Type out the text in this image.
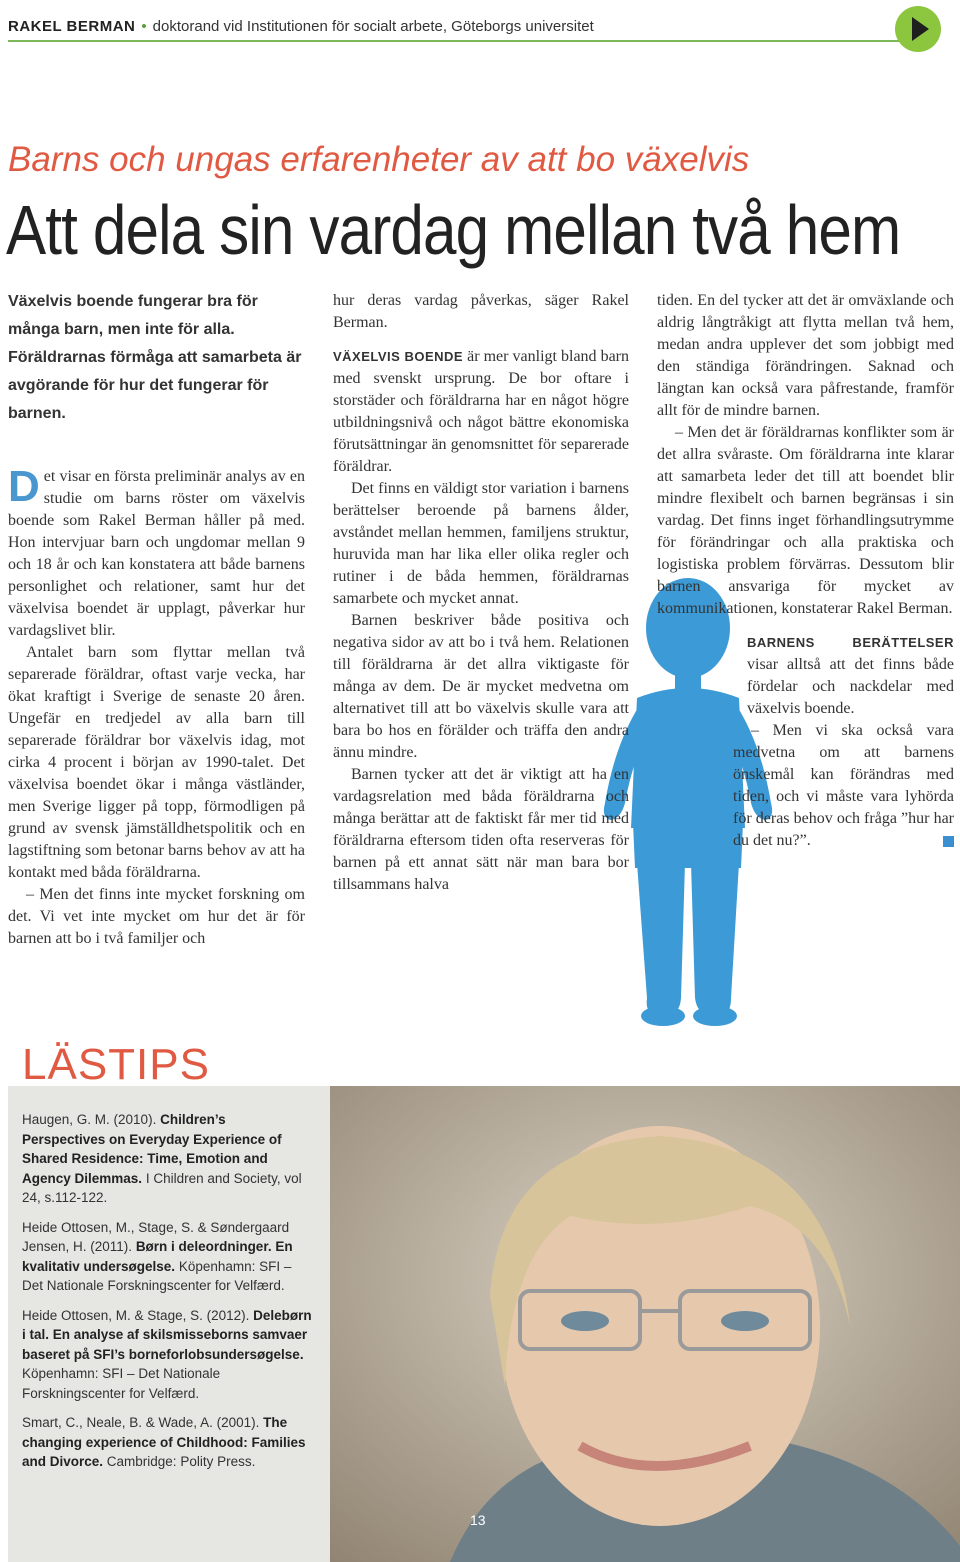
RAKEL BERMAN • doktorand vid Institutionen för socialt arbete, Göteborgs universitet
Barns och ungas erfarenheter av att bo växelvis
Att dela sin vardag mellan två hem
Växelvis boende fungerar bra för många barn, men inte för alla. Föräldrarnas förmåga att samarbeta är avgörande för hur det fungerar för barnen.

Det visar en första preliminär analys av en studie om barns röster om växelvis boende som Rakel Berman håller på med. Hon intervjuar barn och ungdomar mellan 9 och 18 år och kan konstatera att både barnens personlighet och relationer, samt hur det växelvisa boendet är upplagt, påverkar hur vardagslivet blir.

Antalet barn som flyttar mellan två separerade föräldrar, oftast varje vecka, har ökat kraftigt i Sverige de senaste 20 åren. Ungefär en tredjedel av alla barn till separerade föräldrar bor växelvis idag, mot cirka 4 procent i början av 1990-talet. Det växelvisa boendet ökar i många västländer, men Sverige ligger på topp, förmodligen på grund av svensk jämställdhetspolitik och en lagstiftning som betonar barns behov av att ha kontakt med båda föräldrarna.

– Men det finns inte mycket forskning om det. Vi vet inte mycket om hur det är för barnen att bo i två familjer och

hur deras vardag påverkas, säger Rakel Berman.

VÄXELVIS BOENDE är mer vanligt bland barn med svenskt ursprung. De bor oftare i storstäder och föräldrarna har en något högre utbildningsnivå och något bättre ekonomiska förutsättningar än genomsnittet för separerade föräldrar.

Det finns en väldigt stor variation i barnens berättelser beroende på barnens ålder, avståndet mellan hemmen, familjens struktur, huruvida man har lika eller olika regler och rutiner i de båda hemmen, föräldrarnas samarbete och mycket annat.

Barnen beskriver både positiva och negativa sidor av att bo i två hem. Relationen till föräldrarna är det allra viktigaste för många av dem. De är mycket medvetna om alternativet till att bo växelvis skulle vara att bara bo hos en förälder och träffa den andra ännu mindre.

Barnen tycker att det är viktigt att ha en vardagsrelation med båda föräldrarna och många berättar att de faktiskt får mer tid med föräldrarna eftersom tiden ofta reserveras för barnen på ett annat sätt när man bara bor tillsammans halva

tiden. En del tycker att det är omväxlande och aldrig långtråkigt att flytta mellan två hem, medan andra upplever det som jobbigt med den ständiga förändringen. Saknad och längtan kan också vara påfrestande, framför allt för de mindre barnen.

– Men det är föräldrarnas konflikter som är det allra svåraste. Om föräldrarna inte klarar att samarbeta leder det till att boendet blir mindre flexibelt och barnen begränsas i sin vardag. Det finns inget förhandlingsutrymme för förändringar och alla praktiska och logistiska problem förvärras. Dessutom blir barnen ansvariga för mycket av kommunikationen, konstaterar Rakel Berman.

BARNENS BERÄTTELSER visar alltså att det finns både fördelar och nackdelar med växelvis boende.

– Men vi ska också vara medvetna om att barnens önskemål kan förändras med tiden, och vi måste vara lyhörda för deras behov och fråga ”hur har du det nu?”.

13
LÄSTIPS

Haugen, G. M. (2010). Children’s Perspectives on Everyday Experience of Shared Residence: Time, Emotion and Agency Dilemmas. I Children and Society, vol 24, s.112-122.

Heide Ottosen, M., Stage, S. & Søndergaard Jensen, H. (2011). Børn i deleordninger. En kvalitativ undersøgelse. Köpenhamn: SFI – Det Nationale Forskningscenter for Velfærd.

Heide Ottosen, M. & Stage, S. (2012). Delebørn i tal. En analyse af skilsmisseborns samvaer baseret på SFI’s borneforlobsundersøgelse. Köpenhamn: SFI – Det Nationale Forskningscenter for Velfærd.

Smart, C., Neale, B. & Wade, A. (2001). The changing experience of Childhood: Families and Divorce. Cambridge: Polity Press.
